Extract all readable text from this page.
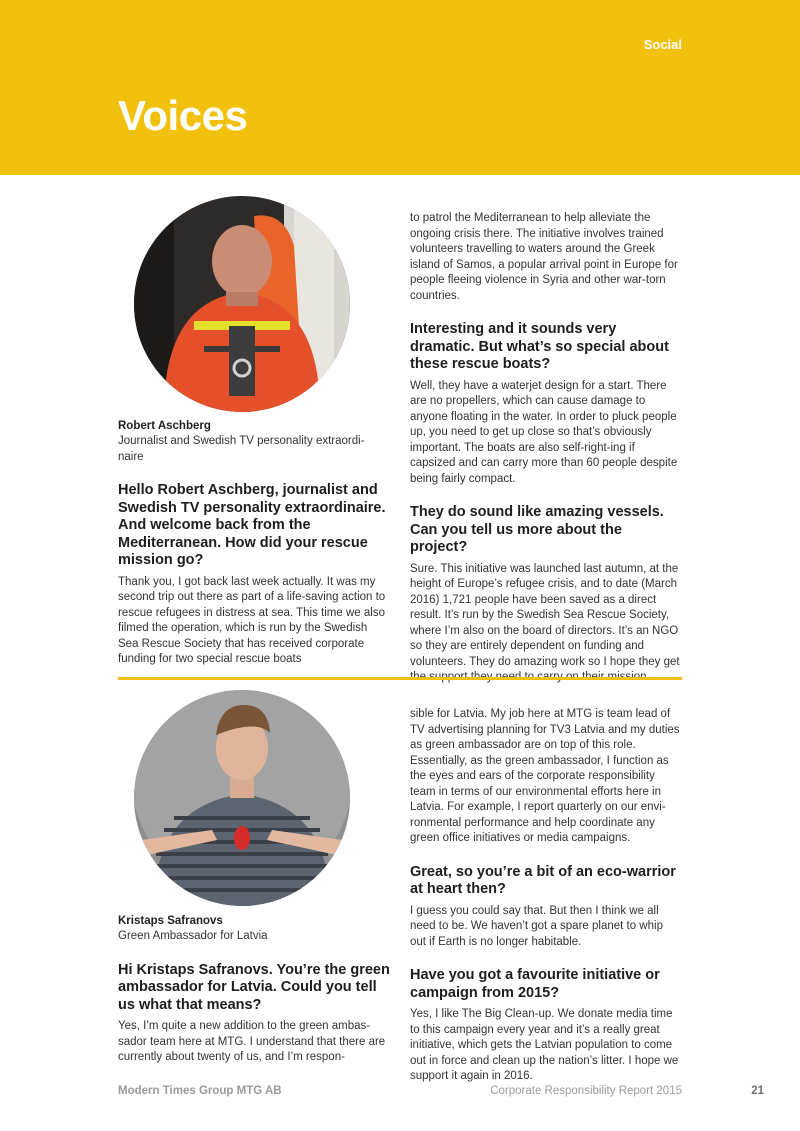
Social
Voices
Robert Aschberg
Journalist and Swedish TV personality extraordi-naire
Hello Robert Aschberg, journalist and Swedish TV personality extraordinaire. And welcome back from the Mediterranean. How did your rescue mission go?
Thank you, I got back last week actually. It was my second trip out there as part of a life-saving action to rescue refugees in distress at sea. This time we also filmed the operation, which is run by the Swedish Sea Rescue Society that has received corporate funding for two special rescue boats
to patrol the Mediterranean to help alleviate the ongoing crisis there. The initiative involves trained volunteers travelling to waters around the Greek island of Samos, a popular arrival point in Europe for people fleeing violence in Syria and other war-torn countries.
Interesting and it sounds very dramatic. But what’s so special about these rescue boats?
Well, they have a waterjet design for a start. There are no propellers, which can cause damage to anyone floating in the water. In order to pluck people up, you need to get up close so that’s obviously important. The boats are also self-right-ing if capsized and can carry more than 60 people despite being fairly compact.
They do sound like amazing vessels. Can you tell us more about the project?
Sure. This initiative was launched last autumn, at the height of Europe’s refugee crisis, and to date (March 2016) 1,721 people have been saved as a direct result. It’s run by the Swedish Sea Rescue Society, where I’m also on the board of directors. It’s an NGO so they are entirely dependent on funding and volunteers. They do amazing work so I hope they get
Kristaps Safranovs
Green Ambassador for Latvia
Hi Kristaps Safranovs. You’re the green ambassador for Latvia. Could you tell us what that means?
Yes, I’m quite a new addition to the green ambas-sador team here at MTG. I understand that there are currently about twenty of us, and I’m respon-
sible for Latvia. My job here at MTG is team lead of TV advertising planning for TV3 Latvia and my duties as green ambassador are on top of this role. Essentially, as the green ambassador, I function as the eyes and ears of the corporate responsibility team in terms of our environmental efforts here in Latvia. For example, I report quarterly on our envi-ronmental performance and help coordinate any green office initiatives or media campaigns.
Great, so you’re a bit of an eco-warrior at heart then?
I guess you could say that. But then I think we all need to be. We haven’t got a spare planet to whip out if Earth is no longer habitable.
Have you got a favourite initiative or campaign from 2015?
Yes, I like The Big Clean-up. We donate media time to this campaign every year and it’s a really great initiative, which gets the Latvian population to come out in force and clean up the nation’s litter. I hope we support it again in 2016.
Modern Times Group MTG AB	Corporate Responsibility Report 2015	21
